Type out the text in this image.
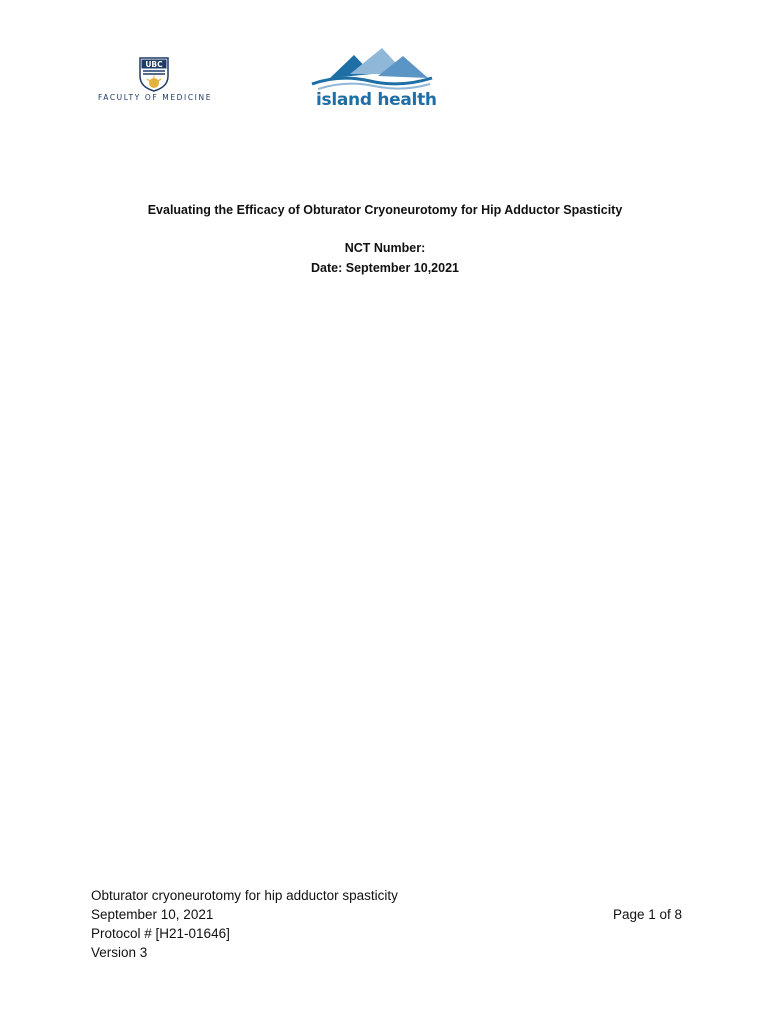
UBC
FACULTY OF MEDICINE	island health
Evaluating the Efficacy of Obturator Cryoneurotomy for Hip Adductor Spasticity
NCT Number:
Date: September 10,2021
Obturator cryoneurotomy for hip adductor spasticity
September 10, 2021
Protocol # [H21-01646]
Version 3
Page 1 of 8
